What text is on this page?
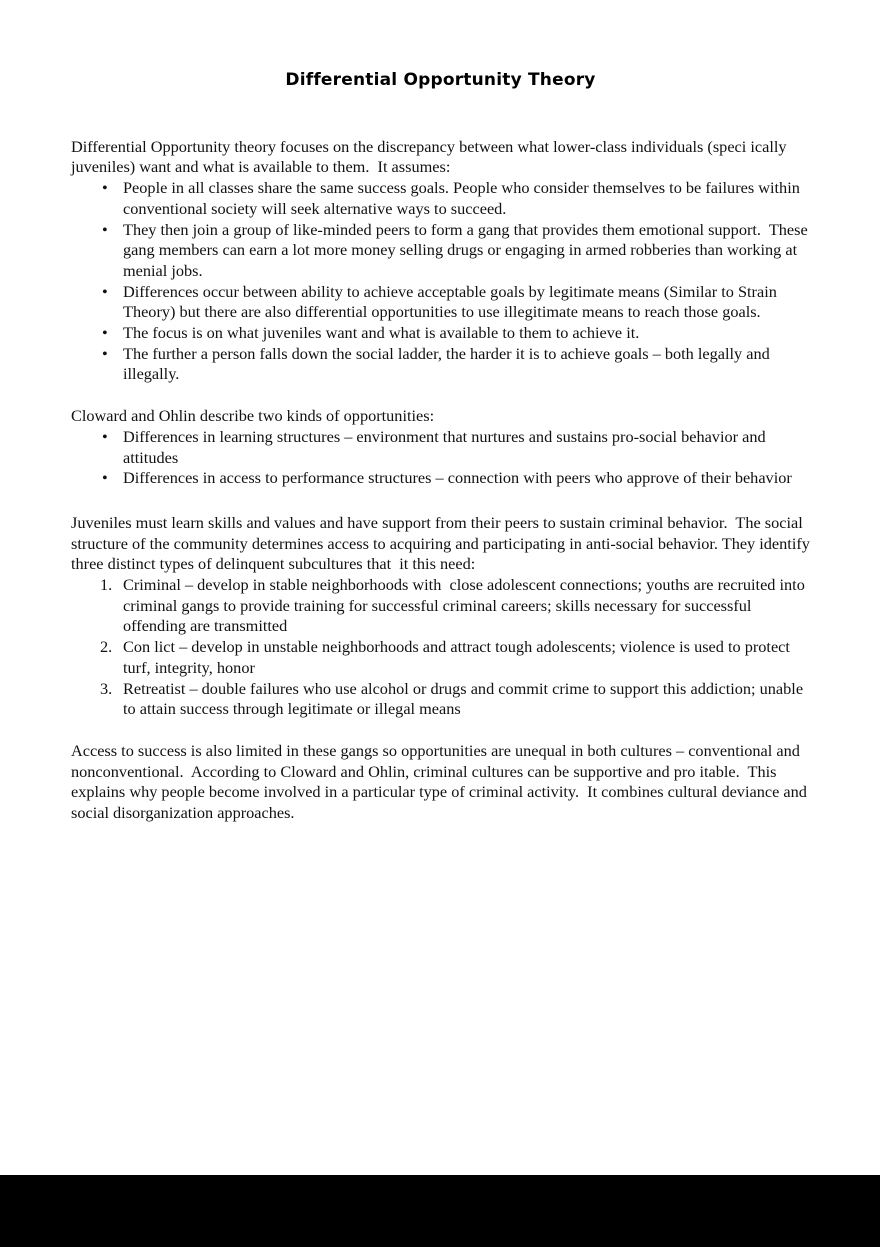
Differential Opportunity Theory

Differential Opportunity theory focuses on the discrepancy between what lower-class individuals (speci ically juveniles) want and what is available to them.  It assumes:

• People in all classes share the same success goals. People who consider themselves to be failures within conventional society will seek alternative ways to succeed.
• They then join a group of like-minded peers to form a gang that provides them emotional support.  These gang members can earn a lot more money selling drugs or engaging in armed robberies than working at menial jobs.
• Differences occur between ability to achieve acceptable goals by legitimate means (Similar to Strain Theory) but there are also differential opportunities to use illegitimate means to reach those goals.
• The focus is on what juveniles want and what is available to them to achieve it.
• The further a person falls down the social ladder, the harder it is to achieve goals – both legally and illegally.

Cloward and Ohlin describe two kinds of opportunities:

• Differences in learning structures – environment that nurtures and sustains pro-social behavior and attitudes
• Differences in access to performance structures – connection with peers who approve of their behavior

Juveniles must learn skills and values and have support from their peers to sustain criminal behavior.  The social structure of the community determines access to acquiring and participating in anti-social behavior. They identify three distinct types of delinquent subcultures that  it this need:

Criminal – develop in stable neighborhoods with  close adolescent connections; youths are recruited into criminal gangs to provide training for successful criminal careers; skills necessary for successful offending are transmitted
Con lict – develop in unstable neighborhoods and attract tough adolescents; violence is used to protect turf, integrity, honor
Retreatist – double failures who use alcohol or drugs and commit crime to support this addiction; unable to attain success through legitimate or illegal means

Access to success is also limited in these gangs so opportunities are unequal in both cultures – conventional and nonconventional.  According to Cloward and Ohlin, criminal cultures can be supportive and pro itable.  This explains why people become involved in a particular type of criminal activity.  It combines cultural deviance and social disorganization approaches.
